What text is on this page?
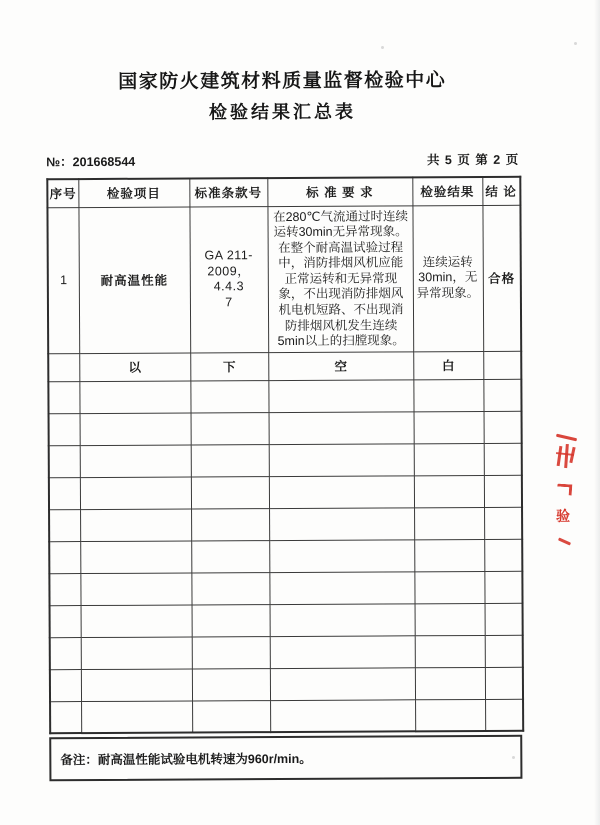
国家防火建筑材料质量监督检验中心
检验结果汇总表
№：201668544	共 5 页 第 2 页
序号	检验项目	标准条款号	标 准 要 求	检验结果	结 论
1	耐高温性能	GA 211-
2009，
4.4.3
7	在280℃气流通过时连续运转30min无异常现象。在整个耐高温试验过程中，消防排烟风机应能正常运转和无异常现象，不出现消防排烟风机电机短路、不出现消防排烟风机发生连续5min以上的扫膛现象。	连续运转
30min，无
异常现象。	合格
	以	下	空	白	

备注：耐高温性能试验电机转速为960r/min。
验
